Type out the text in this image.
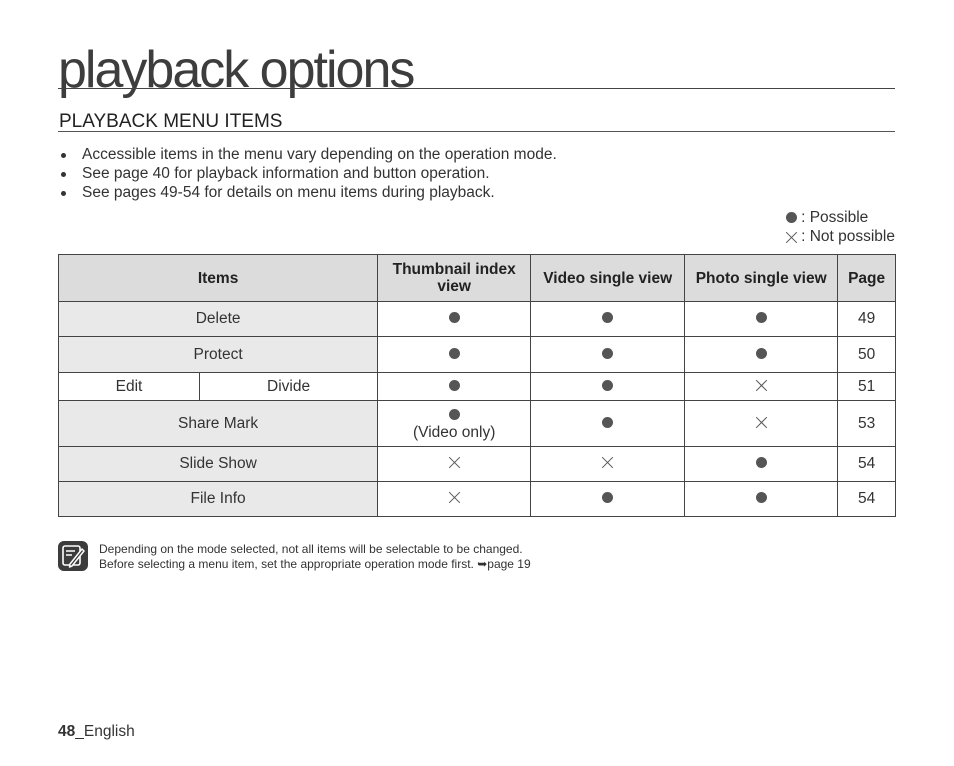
playback options
PLAYBACK MENU ITEMS
Accessible items in the menu vary depending on the operation mode.
See page 40 for playback information and button operation.
See pages 49-54 for details on menu items during playback.
: Possible
: Not possible
Items		Thumbnail index view	Video single view	Photo single view	Page
Delete					49
Protect					50
Edit	Divide				51
Share Mark		(Video only)			53
Slide Show					54
File Info					54
Depending on the mode selected, not all items will be selectable to be changed.
Before selecting a menu item, set the appropriate operation mode first. ➥page 19
48_English
